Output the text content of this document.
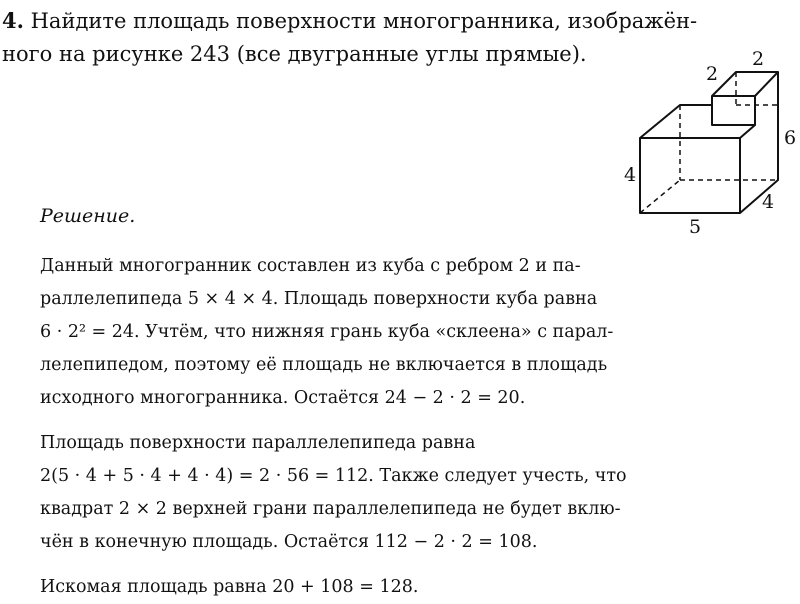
4. Найдите площадь поверхности многогранника, изображён-
ного на рисунке 243 (все двугранные углы прямые).

2
2
6
4
4
5
Решение.

Данный многогранник составлен из куба с ребром 2 и па-
раллелепипеда 5 × 4 × 4. Площадь поверхности куба равна
6 · 2² = 24. Учтём, что нижняя грань куба «склеена» с парал-
лелепипедом, поэтому её площадь не включается в площадь
исходного многогранника. Остаётся 24 − 2 · 2 = 20.

Площадь поверхности параллелепипеда равна
2(5 · 4 + 5 · 4 + 4 · 4) = 2 · 56 = 112. Также следует учесть, что
квадрат 2 × 2 верхней грани параллелепипеда не будет вклю-
чён в конечную площадь. Остаётся 112 − 2 · 2 = 108.

Искомая площадь равна 20 + 108 = 128.
